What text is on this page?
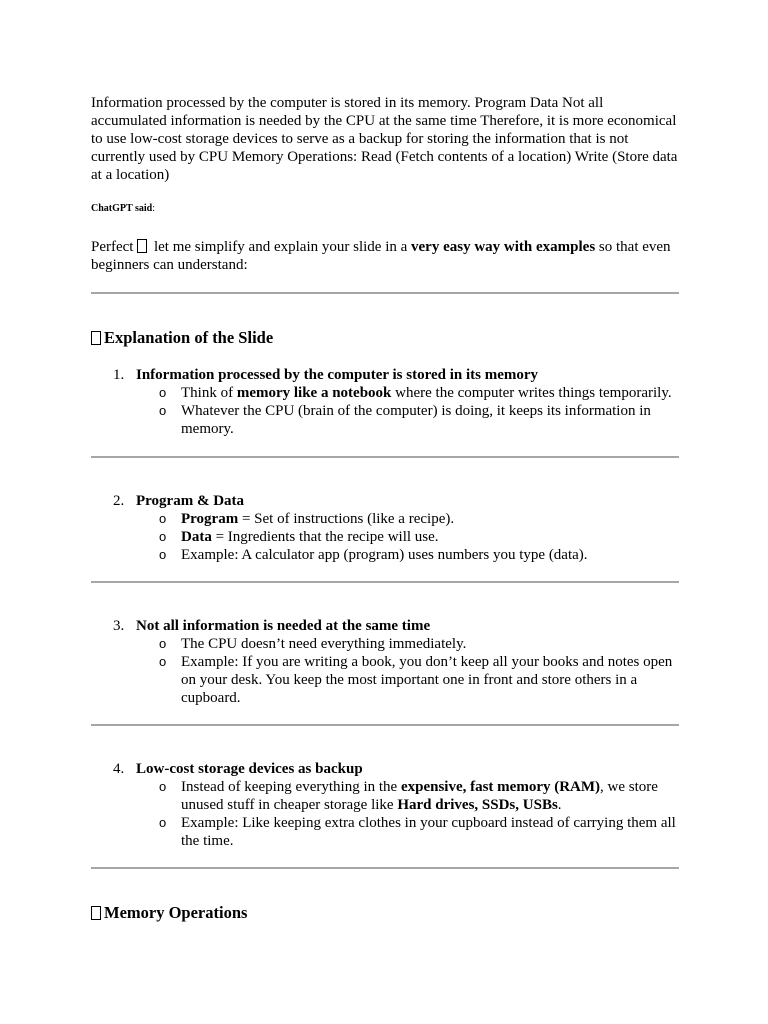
Information processed by the computer is stored in its memory. Program Data Not all accumulated information is needed by the CPU at the same time Therefore, it is more economical to use low-cost storage devices to serve as a backup for storing the information that is not currently used by CPU Memory Operations: Read (Fetch contents of a location) Write (Store data at a location)

ChatGPT said:

Perfect  let me simplify and explain your slide in a very easy way with examples so that even beginners can understand:

Explanation of the Slide
1. Information processed by the computer is stored in its memory
o Think of memory like a notebook where the computer writes things temporarily.
o Whatever the CPU (brain of the computer) is doing, it keeps its information in memory.
2. Program & Data
o Program = Set of instructions (like a recipe).
o Data = Ingredients that the recipe will use.
o Example: A calculator app (program) uses numbers you type (data).
3. Not all information is needed at the same time
o The CPU doesn’t need everything immediately.
o Example: If you are writing a book, you don’t keep all your books and notes open on your desk. You keep the most important one in front and store others in a cupboard.
4. Low-cost storage devices as backup
o Instead of keeping everything in the expensive, fast memory (RAM), we store unused stuff in cheaper storage like Hard drives, SSDs, USBs.
o Example: Like keeping extra clothes in your cupboard instead of carrying them all the time.
Memory Operations
